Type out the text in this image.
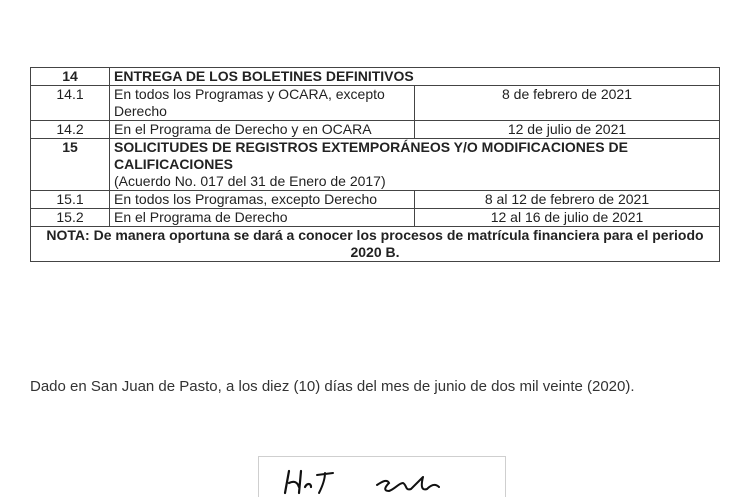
14	ENTREGA DE LOS BOLETINES DEFINITIVOS	
14.1	En todos los Programas y OCARA, excepto Derecho	8 de febrero de 2021
14.2	En el Programa de Derecho y en OCARA	12 de julio de 2021
15	SOLICITUDES DE REGISTROS EXTEMPORÁNEOS Y/O MODIFICACIONES DE CALIFICACIONES
(Acuerdo No. 017 del 31 de Enero de 2017)	

15.1	En todos los Programas, excepto Derecho	8 al 12 de febrero de 2021
15.2	En el Programa de Derecho	12 al 16 de julio de 2021
NOTA: De manera oportuna se dará a conocer los procesos de matrícula financiera para el periodo 2020 B.		
Dado en San Juan de Pasto, a los diez (10) días del mes de junio de dos mil veinte (2020).
